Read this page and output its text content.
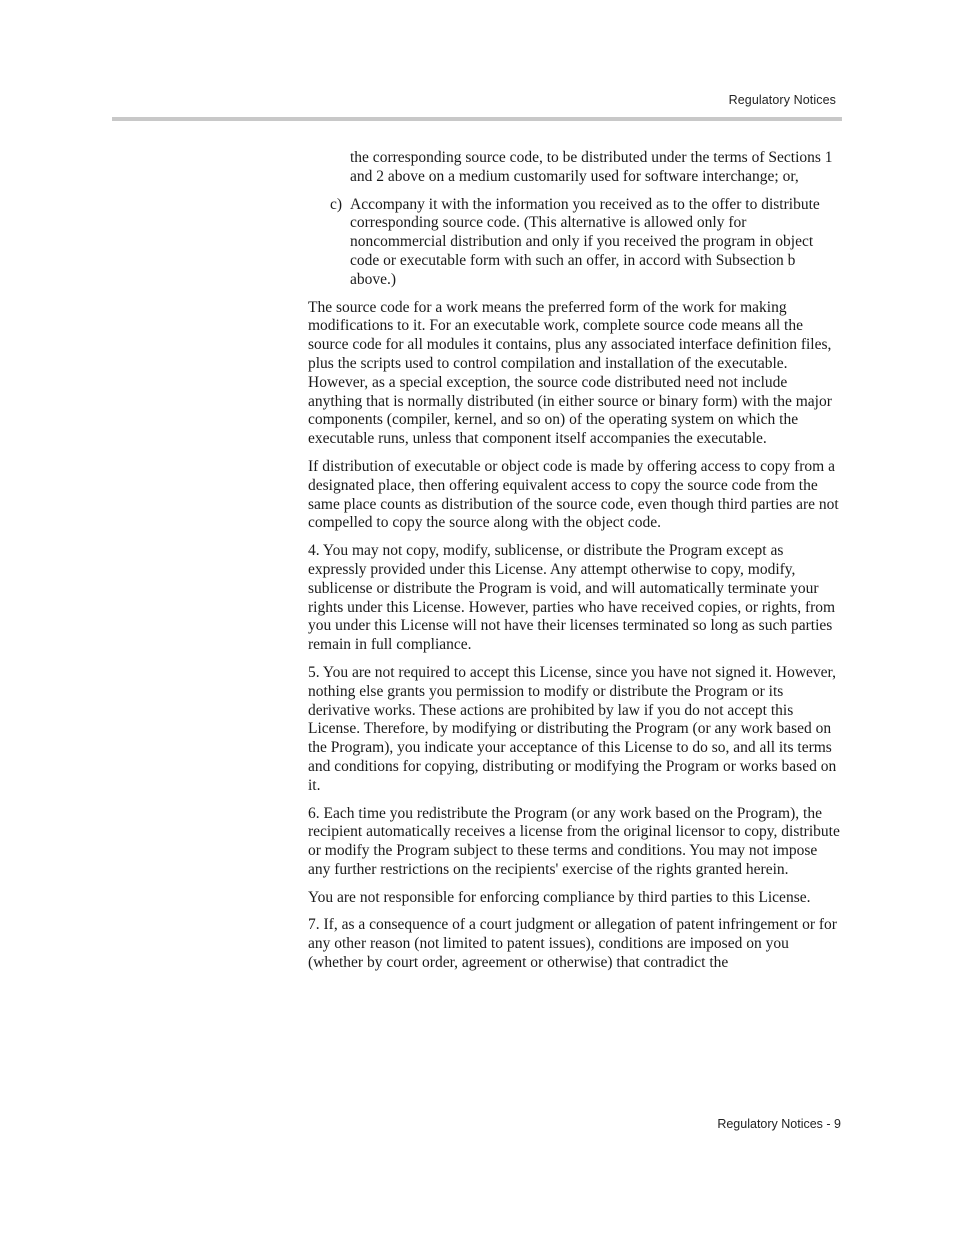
Regulatory Notices

the corresponding source code, to be distributed under the terms of Sections 1 and 2 above on a medium customarily used for software interchange; or,

c) Accompany it with the information you received as to the offer to distribute corresponding source code. (This alternative is allowed only for noncommercial distribution and only if you received the program in object code or executable form with such an offer, in accord with Subsection b above.)

The source code for a work means the preferred form of the work for making modifications to it. For an executable work, complete source code means all the source code for all modules it contains, plus any associated interface definition files, plus the scripts used to control compilation and installation of the executable. However, as a special exception, the source code distributed need not include anything that is normally distributed (in either source or binary form) with the major components (compiler, kernel, and so on) of the operating system on which the executable runs, unless that component itself accompanies the executable.

If distribution of executable or object code is made by offering access to copy from a designated place, then offering equivalent access to copy the source code from the same place counts as distribution of the source code, even though third parties are not compelled to copy the source along with the object code.

4. You may not copy, modify, sublicense, or distribute the Program except as expressly provided under this License. Any attempt otherwise to copy, modify, sublicense or distribute the Program is void, and will automatically terminate your rights under this License. However, parties who have received copies, or rights, from you under this License will not have their licenses terminated so long as such parties remain in full compliance.

5. You are not required to accept this License, since you have not signed it. However, nothing else grants you permission to modify or distribute the Program or its derivative works. These actions are prohibited by law if you do not accept this License. Therefore, by modifying or distributing the Program (or any work based on the Program), you indicate your acceptance of this License to do so, and all its terms and conditions for copying, distributing or modifying the Program or works based on it.

6. Each time you redistribute the Program (or any work based on the Program), the recipient automatically receives a license from the original licensor to copy, distribute or modify the Program subject to these terms and conditions. You may not impose any further restrictions on the recipients' exercise of the rights granted herein.

You are not responsible for enforcing compliance by third parties to this License.

7. If, as a consequence of a court judgment or allegation of patent infringement or for any other reason (not limited to patent issues), conditions are imposed on you (whether by court order, agreement or otherwise) that contradict the

Regulatory Notices - 9
